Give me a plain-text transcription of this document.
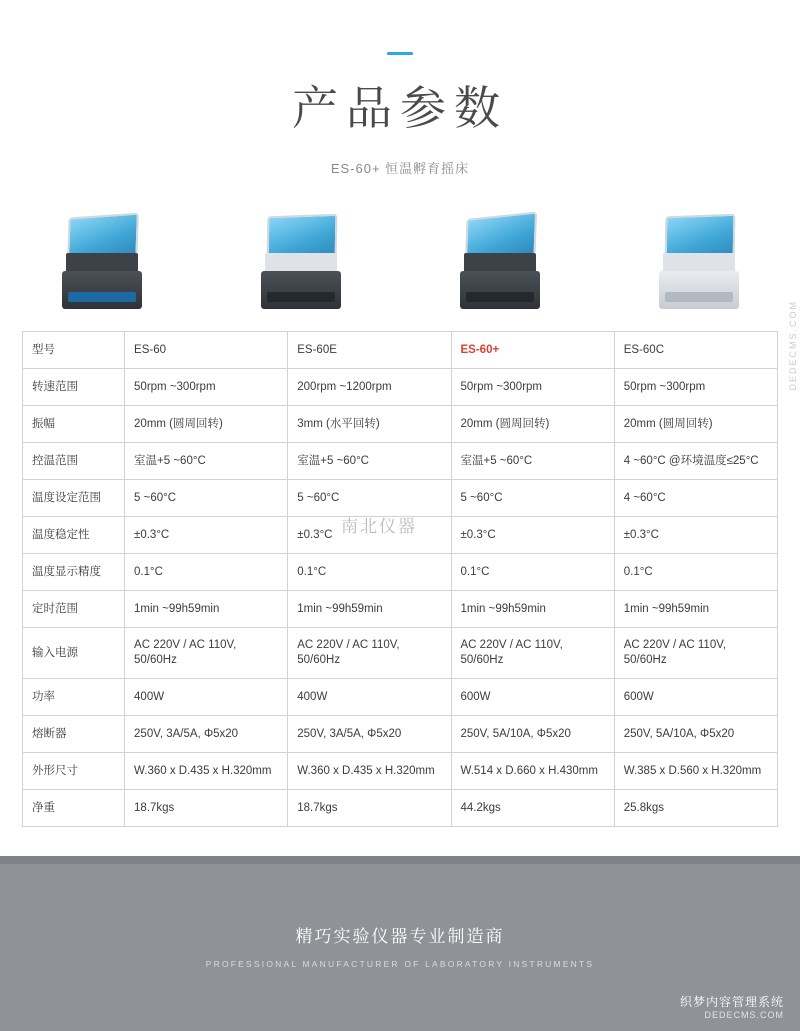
产品参数
ES-60+ 恒温孵育摇床
型号	ES-60	ES-60E	ES-60+	ES-60C
转速范围	50rpm ~300rpm	200rpm ~1200rpm	50rpm ~300rpm	50rpm ~300rpm
振幅	20mm (圆周回转)	3mm (水平回转)	20mm (圆周回转)	20mm (圆周回转)
控温范围	室温+5 ~60°C	室温+5 ~60°C	室温+5 ~60°C	4 ~60°C @环境温度≤25°C
温度设定范围	5 ~60°C	5 ~60°C	5 ~60°C	4 ~60°C
温度稳定性	±0.3°C	±0.3°C	±0.3°C	±0.3°C
温度显示精度	0.1°C	0.1°C	0.1°C	0.1°C
定时范围	1min ~99h59min	1min ~99h59min	1min ~99h59min	1min ~99h59min
输入电源	AC 220V / AC 110V, 50/60Hz	AC 220V / AC 110V, 50/60Hz	AC 220V / AC 110V, 50/60Hz	AC 220V / AC 110V, 50/60Hz
功率	400W	400W	600W	600W
熔断器	250V, 3A/5A, Φ5x20	250V, 3A/5A, Φ5x20	250V, 5A/10A, Φ5x20	250V, 5A/10A, Φ5x20
外形尺寸	W.360 x D.435 x H.320mm	W.360 x D.435 x H.320mm	W.514 x D.660 x H.430mm	W.385 x D.560 x H.320mm
净重	18.7kgs	18.7kgs	44.2kgs	25.8kgs
南北仪器
DEDECMS.COM
精巧实验仪器专业制造商
PROFESSIONAL MANUFACTURER OF LABORATORY INSTRUMENTS
织梦内容管理系统
DEDECMS.COM
